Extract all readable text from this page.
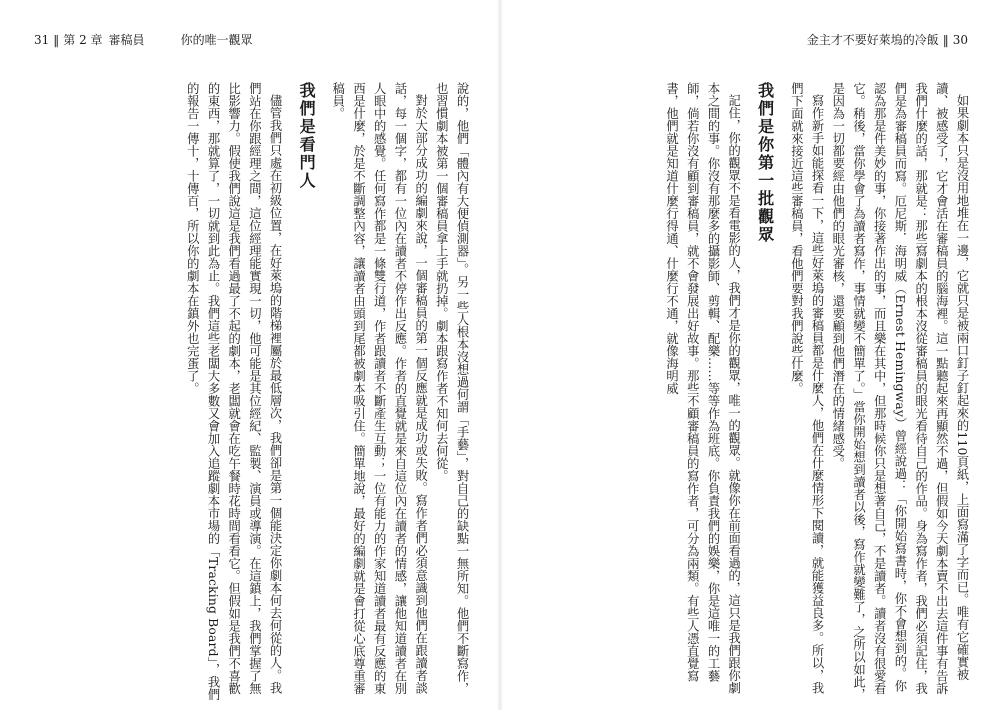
31 ‖ 第 2 章 審稿員	你的唯一觀眾

說的，他們「體內有大便偵測器」。另一些人根本沒想過何謂「手藝」，對自己的缺點一無所知。他們不斷寫作，也習慣劇本被第一個審稿員拿上手就扔掉。劇本跟寫作者不知何去何從。

對於大部分成功的編劇來說，一個審稿員的第一個反應就是成功或失敗。寫作者們必須意識到他們在跟讀者談話，每一個字，都有一位內在讀者不停作出反應。作者的直覺就是來自這位內在讀者的情感，讓他知道讀者在別人眼中的感覺。任何寫作都是一條雙行道，作者跟讀者不斷產生互動；一位有能力的作家知道讀者最有反應的東西是什麼，於是不斷調整內容，讓讀者由頭到尾都被劇本吸引住。簡單地說，最好的編劇就是會打從心底尊重審稿員。

我們是看門人

儘管我們只處在初級位置，在好萊塢的階梯裡屬於最低層次，我們卻是第一個能決定你劇本何去何從的人。我們站在你跟經理之間，這位經理能實現一切，他可能是其位經紀、監製、演員或導演。在這鎮上，我們掌握了無比影響力。假使我們說這是我們看過最了不起的劇本，老闆就會在吃午餐時花時間看看它。但假如是我們不喜歡的東西，那就算了，一切就到此為止。我們這些老闆大多數又會加入追蹤劇本市場的「Tracking Board」，我們的報告一傳十，十傳百，所以你的劇本在鎮外也完蛋了。

金主才不要好萊塢的冷飯 ‖ 30

如果劇本只是沒用地堆在一邊，它就只是被兩口釘子釘起來的110頁紙，上面寫滿了字而已。唯有它確實被讀、被感受了，它才會活在審稿員的腦海裡。這一點聽起來再顯然不過，但假如今天劇本賣不出去這件事有告訴我們什麼的話，那就是：那些寫劇本的根本沒從審稿員的眼光看待自己的作品。身為寫作者，我們必須記住，我們是為審稿員而寫。厄尼斯．海明威（Ernest Hemingway）曾經說過：「你開始寫書時，你不會想到的。你認為那是件美妙的事，你接著作出的事，而且樂在其中，但那時候你只是想著自己，不是讀者。讀者沒有很愛看它。稍後，當你學會了為讀者寫作，事情就變不簡單了。」當你開始想到讀者以後，寫作就變難了，之所以如此，是因為一切都要經由他們的眼光審核，還要顧到他們潛在的情緒感受。

寫作新手如能探看一下，這些好萊塢的審稿員都是什麼人，他們在什麼情形下閱讀，就能獲益良多。所以，我們下面就來接近這些審稿員，看他們要對我們說些什麼。

我們是你第一批觀眾

記住，你的觀眾不是看電影的人，我們才是你的觀眾，唯一的觀眾。就像你在前面看過的，這只是我們跟你劇本之間的事。你沒有那麼多的攝影師、剪輯、配樂……等等作為班底。你負責我們的娛樂，你是這唯一的工藝師，倘若你沒有顧到審稿員，就不會發展出好故事。那些不顧審稿員的寫作者，可分為兩類。有些人憑直覺寫書，他們就是知道什麼行得通、什麼行不通，就像海明威
